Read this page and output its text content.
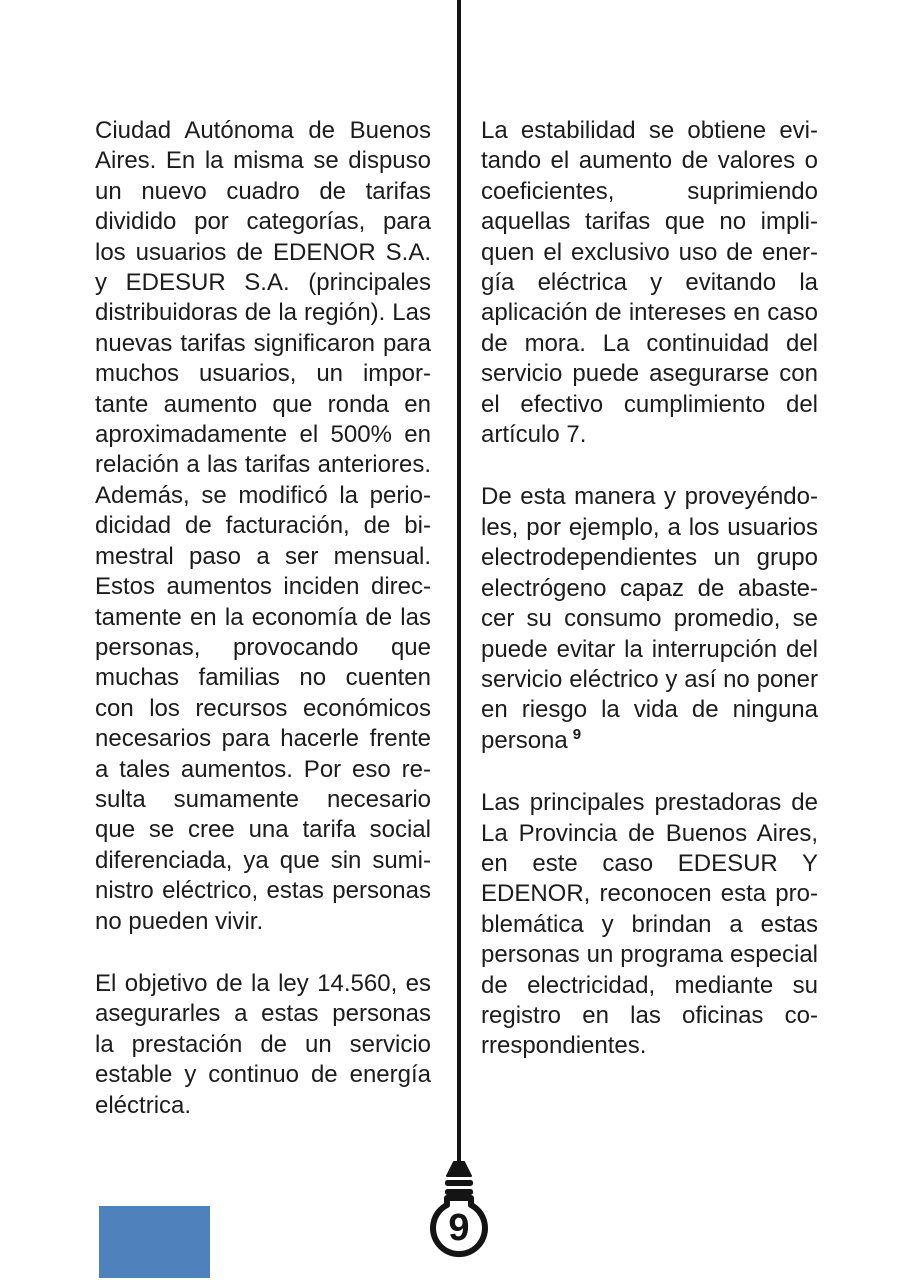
Ciudad Autónoma de Buenos Aires. En la misma se dispuso un nuevo cuadro de tarifas dividido por categorías, para los usuarios de EDENOR S.A. y EDESUR S.A. (principales distribuidoras de la región). Las nuevas tarifas significaron para muchos usuarios, un importante aumento que ronda en aproximadamente el 500% en relación a las tarifas anteriores. Además, se modificó la periodicidad de facturación, de bimestral paso a ser mensual. Estos aumentos inciden directamente en la economía de las personas, provocando que muchas familias no cuenten con los recursos económicos necesarios para hacerle frente a tales aumentos. Por eso resulta sumamente necesario que se cree una tarifa social diferenciada, ya que sin suministro eléctrico, estas personas no pueden vivir.

El objetivo de la ley 14.560, es asegurarles a estas personas la prestación de un servicio estable y continuo de energía eléctrica.

La estabilidad se obtiene evitando el aumento de valores o coeficientes, suprimiendo aquellas tarifas que no impliquen el exclusivo uso de energía eléctrica y evitando la aplicación de intereses en caso de mora. La continuidad del servicio puede asegurarse con el efectivo cumplimiento del artículo 7.

De esta manera y proveyéndoles, por ejemplo, a los usuarios electrodependientes un grupo electrógeno capaz de abastecer su consumo promedio, se puede evitar la interrupción del servicio eléctrico y así no poner en riesgo la vida de ninguna persona $^9$

Las principales prestadoras de La Provincia de Buenos Aires, en este caso EDESUR Y EDENOR, reconocen esta problemática y brindan a estas personas un programa especial de electricidad, mediante su registro en las oficinas correspondientes.

9
